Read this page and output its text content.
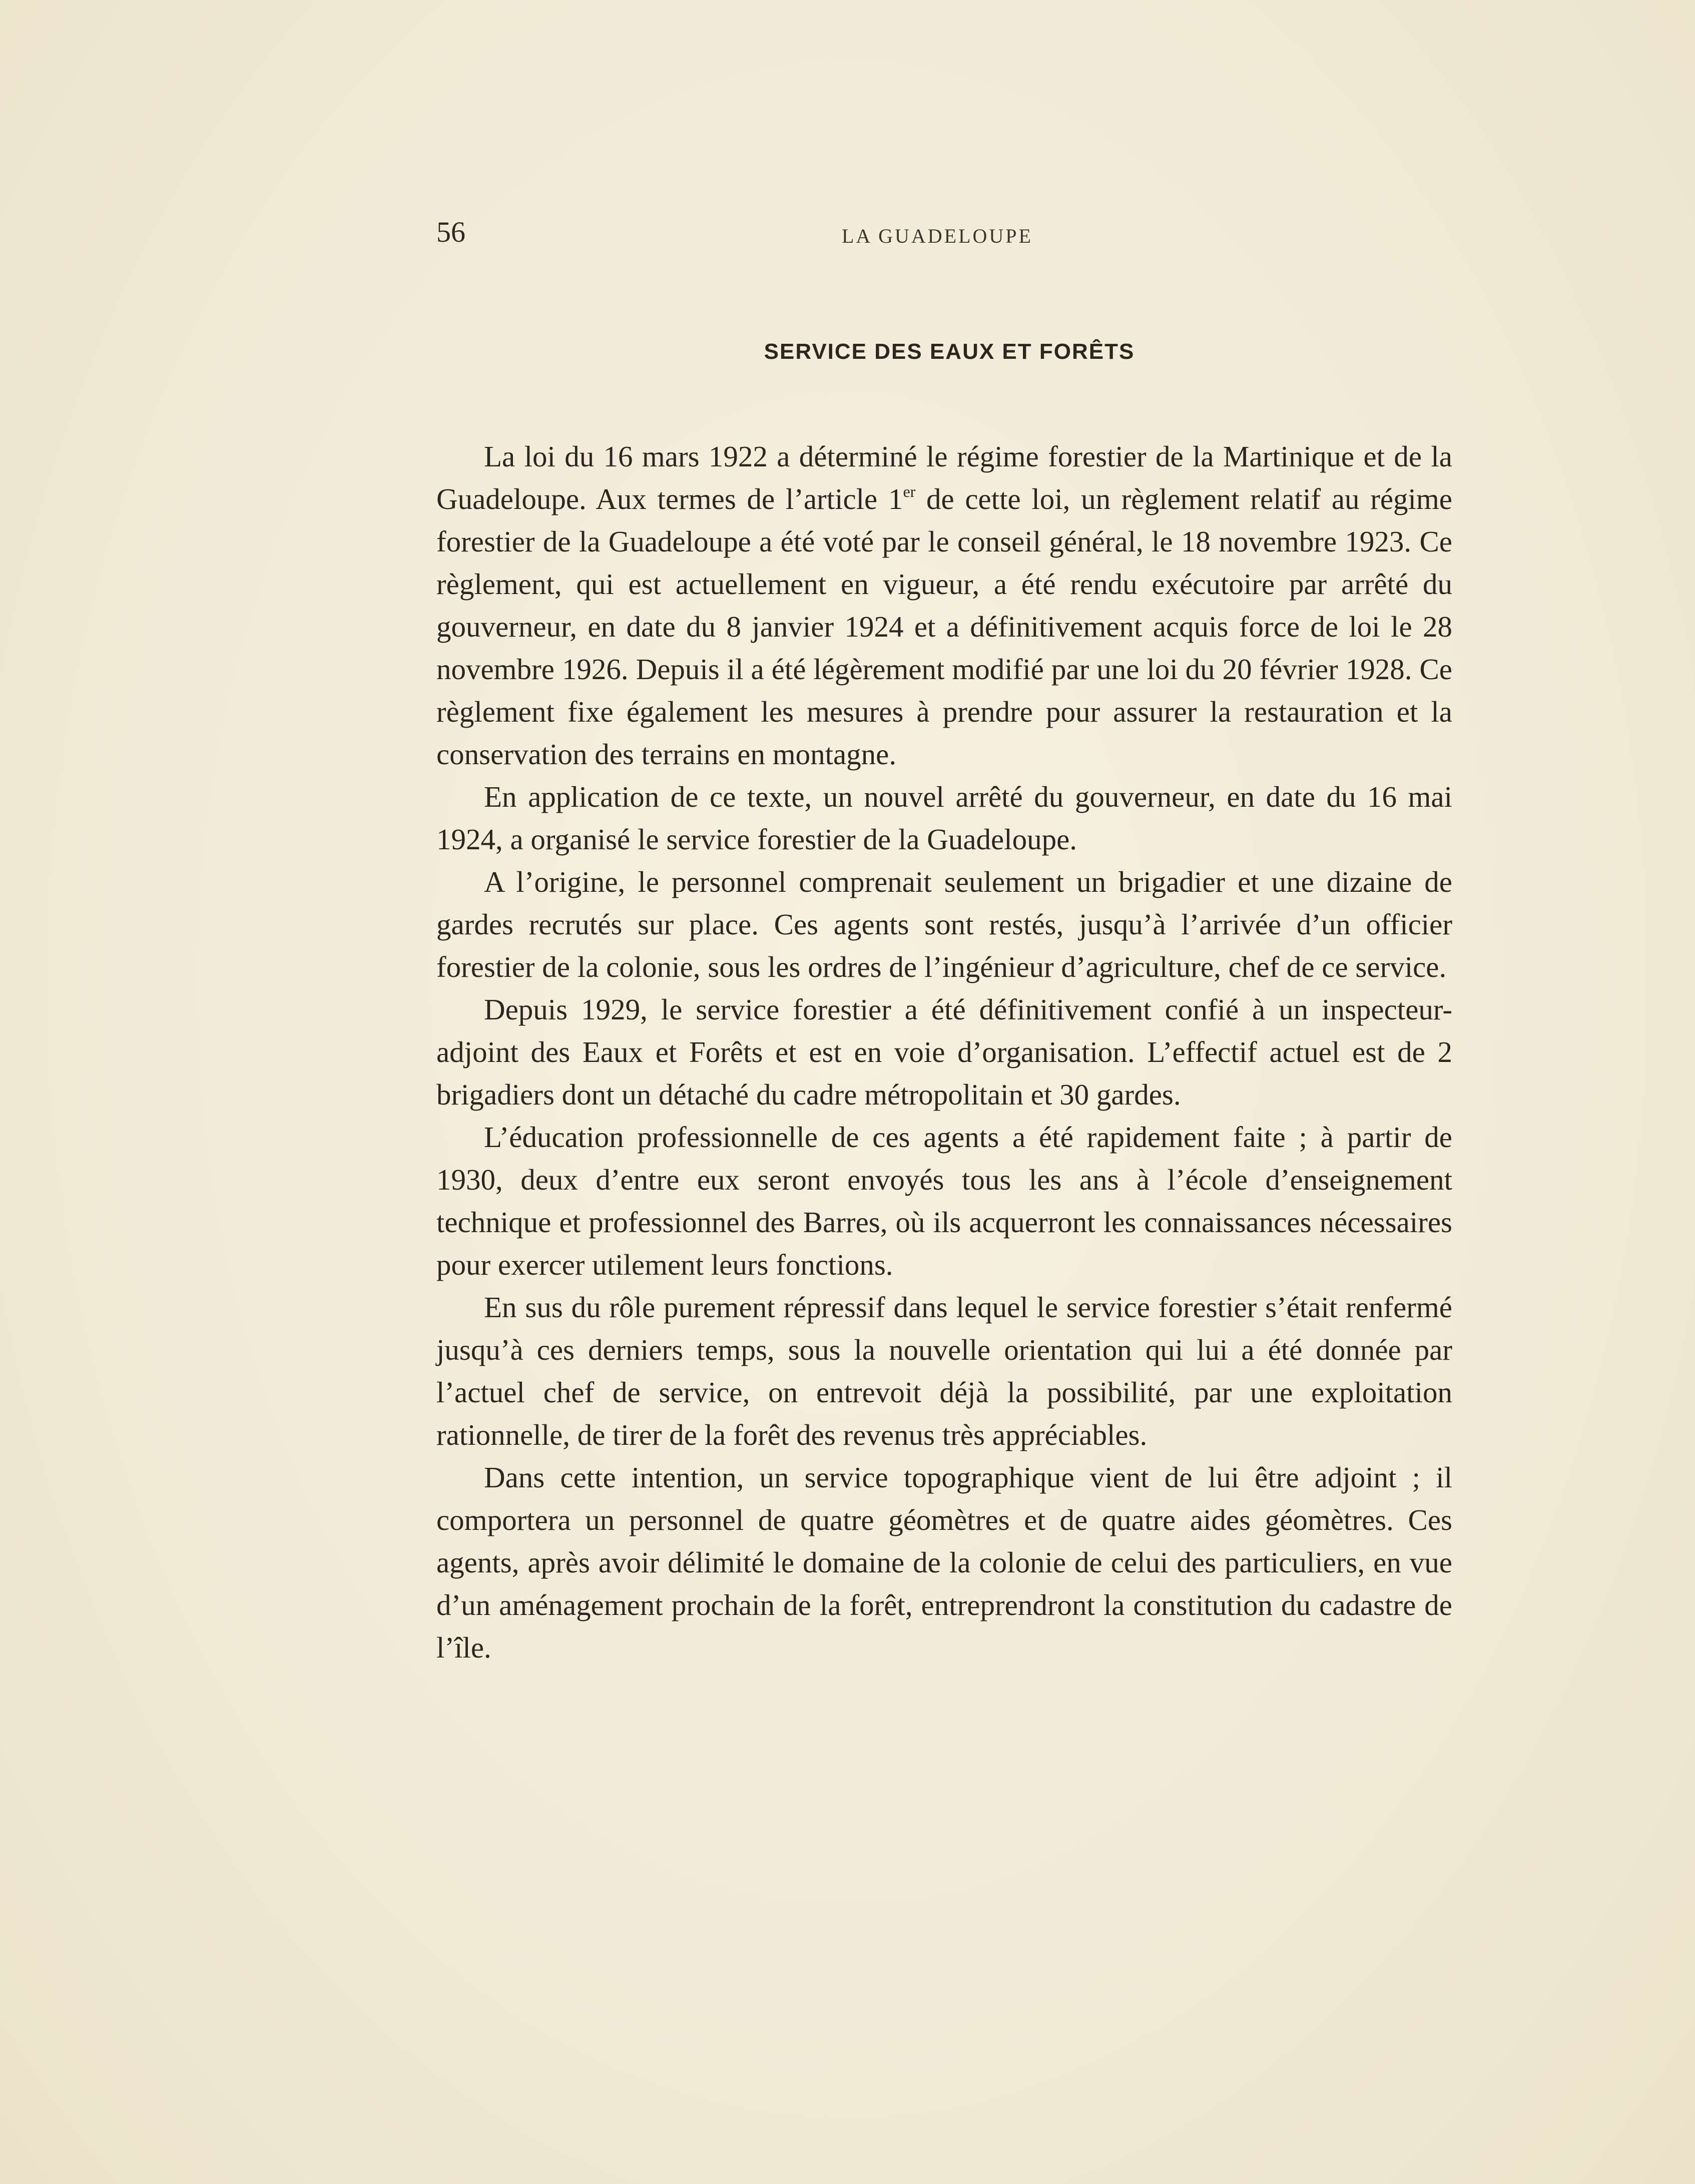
56	LA GUADELOUPE
SERVICE DES EAUX ET FORÊTS

La loi du 16 mars 1922 a déterminé le régime forestier de la Martinique et de la Guadeloupe. Aux termes de l’article 1er de cette loi, un règlement relatif au régime forestier de la Guadeloupe a été voté par le conseil général, le 18 novembre 1923. Ce règlement, qui est actuellement en vigueur, a été rendu exécutoire par arrêté du gouverneur, en date du 8 janvier 1924 et a définitivement acquis force de loi le 28 novembre 1926. Depuis il a été légèrement modifié par une loi du 20 février 1928. Ce règlement fixe également les mesures à prendre pour assurer la restauration et la conservation des terrains en montagne.

En application de ce texte, un nouvel arrêté du gouverneur, en date du 16 mai 1924, a organisé le service forestier de la Guadeloupe.

A l’origine, le personnel comprenait seulement un brigadier et une dizaine de gardes recrutés sur place. Ces agents sont restés, jusqu’à l’arrivée d’un officier forestier de la colonie, sous les ordres de l’ingénieur d’agriculture, chef de ce service.

Depuis 1929, le service forestier a été définitivement confié à un inspecteur-adjoint des Eaux et Forêts et est en voie d’organisation. L’effectif actuel est de 2 brigadiers dont un détaché du cadre métropolitain et 30 gardes.

L’éducation professionnelle de ces agents a été rapidement faite ; à partir de 1930, deux d’entre eux seront envoyés tous les ans à l’école d’enseignement technique et professionnel des Barres, où ils acquerront les connaissances nécessaires pour exercer utilement leurs fonctions.

En sus du rôle purement répressif dans lequel le service forestier s’était renfermé jusqu’à ces derniers temps, sous la nouvelle orientation qui lui a été donnée par l’actuel chef de service, on entrevoit déjà la possibilité, par une exploitation rationnelle, de tirer de la forêt des revenus très appréciables.

Dans cette intention, un service topographique vient de lui être adjoint ; il comportera un personnel de quatre géomètres et de quatre aides géomètres. Ces agents, après avoir délimité le domaine de la colonie de celui des particuliers, en vue d’un aménagement prochain de la forêt, entreprendront la constitution du cadastre de l’île.
